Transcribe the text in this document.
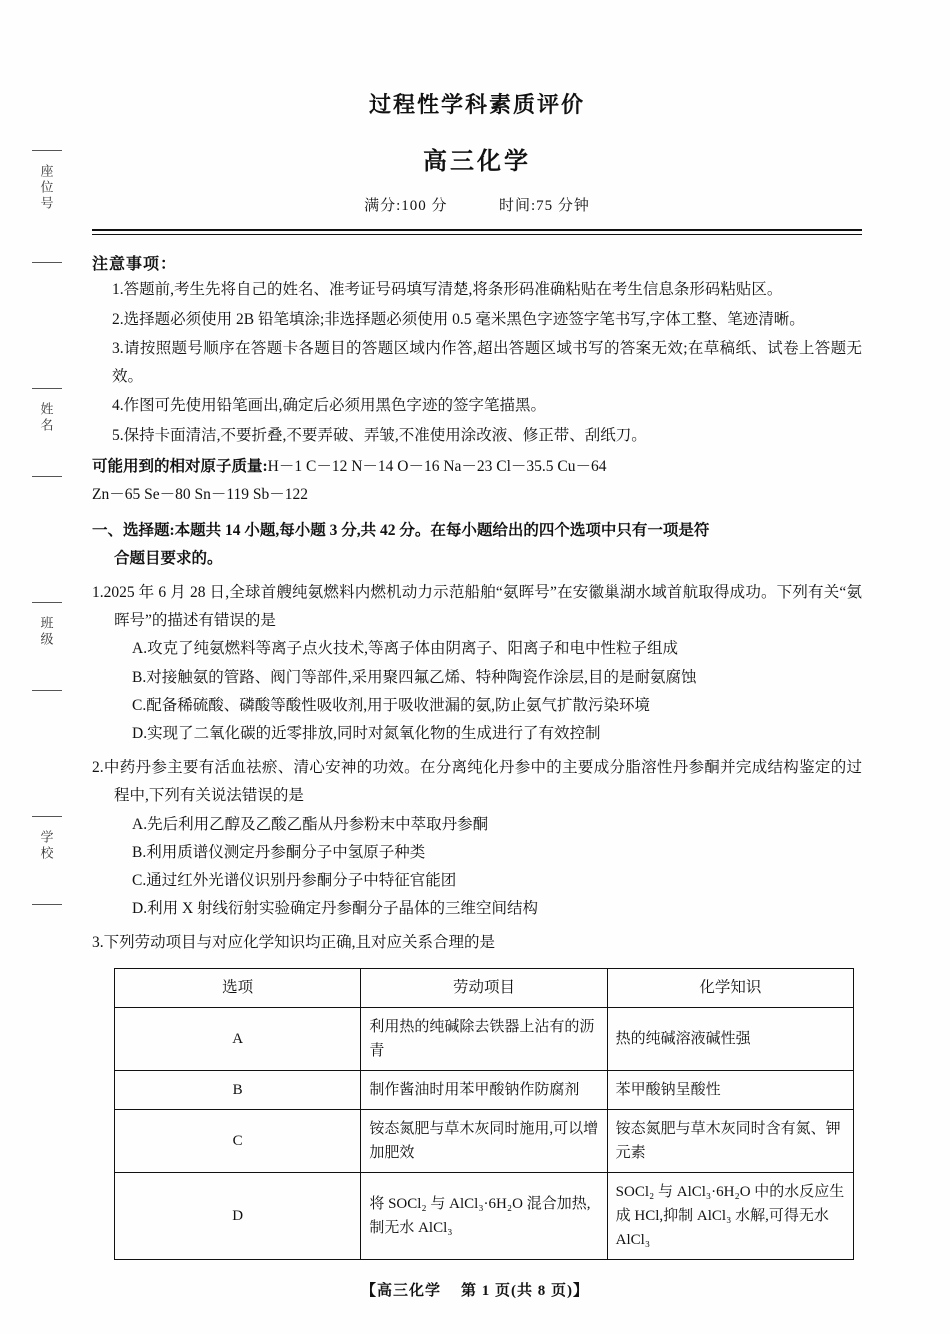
座位号
姓名
班级
学校
过程性学科素质评价
高三化学
满分:100 分	时间:75 分钟
注意事项：
1.答题前,考生先将自己的姓名、准考证号码填写清楚,将条形码准确粘贴在考生信息条形码粘贴区。
2.选择题必须使用 2B 铅笔填涂;非选择题必须使用 0.5 毫米黑色字迹签字笔书写,字体工整、笔迹清晰。
3.请按照题号顺序在答题卡各题目的答题区域内作答,超出答题区域书写的答案无效;在草稿纸、试卷上答题无效。
4.作图可先使用铅笔画出,确定后必须用黑色字迹的签字笔描黑。
5.保持卡面清洁,不要折叠,不要弄破、弄皱,不准使用涂改液、修正带、刮纸刀。
可能用到的相对原子质量:H－1 C－12 N－14 O－16 Na－23 Cl－35.5 Cu－64
Zn－65 Se－80 Sn－119 Sb－122
一、选择题:本题共 14 小题,每小题 3 分,共 42 分。在每小题给出的四个选项中只有一项是符
合题目要求的。
1.2025 年 6 月 28 日,全球首艘纯氨燃料内燃机动力示范船舶“氨晖号”在安徽巢湖水域首航取得成功。下列有关“氨晖号”的描述有错误的是
A.攻克了纯氨燃料等离子点火技术,等离子体由阴离子、阳离子和电中性粒子组成
B.对接触氨的管路、阀门等部件,采用聚四氟乙烯、特种陶瓷作涂层,目的是耐氨腐蚀
C.配备稀硫酸、磷酸等酸性吸收剂,用于吸收泄漏的氨,防止氨气扩散污染环境
D.实现了二氧化碳的近零排放,同时对氮氧化物的生成进行了有效控制
2.中药丹参主要有活血祛瘀、清心安神的功效。在分离纯化丹参中的主要成分脂溶性丹参酮并完成结构鉴定的过程中,下列有关说法错误的是
A.先后利用乙醇及乙酸乙酯从丹参粉末中萃取丹参酮
B.利用质谱仪测定丹参酮分子中氢原子种类
C.通过红外光谱仪识别丹参酮分子中特征官能团
D.利用 X 射线衍射实验确定丹参酮分子晶体的三维空间结构
3.下列劳动项目与对应化学知识均正确,且对应关系合理的是
选项	劳动项目	化学知识
A	利用热的纯碱除去铁器上沾有的沥青	热的纯碱溶液碱性强
B	制作酱油时用苯甲酸钠作防腐剂	苯甲酸钠呈酸性
C	铵态氮肥与草木灰同时施用,可以增加肥效	铵态氮肥与草木灰同时含有氮、钾元素
D	将 SOCl₂ 与 AlCl₃·6H₂O 混合加热,制无水 AlCl₃	SOCl₂ 与 AlCl₃·6H₂O 中的水反应生成 HCl,抑制 AlCl₃ 水解,可得无水 AlCl₃
【高三化学 第 1 页(共 8 页)】
